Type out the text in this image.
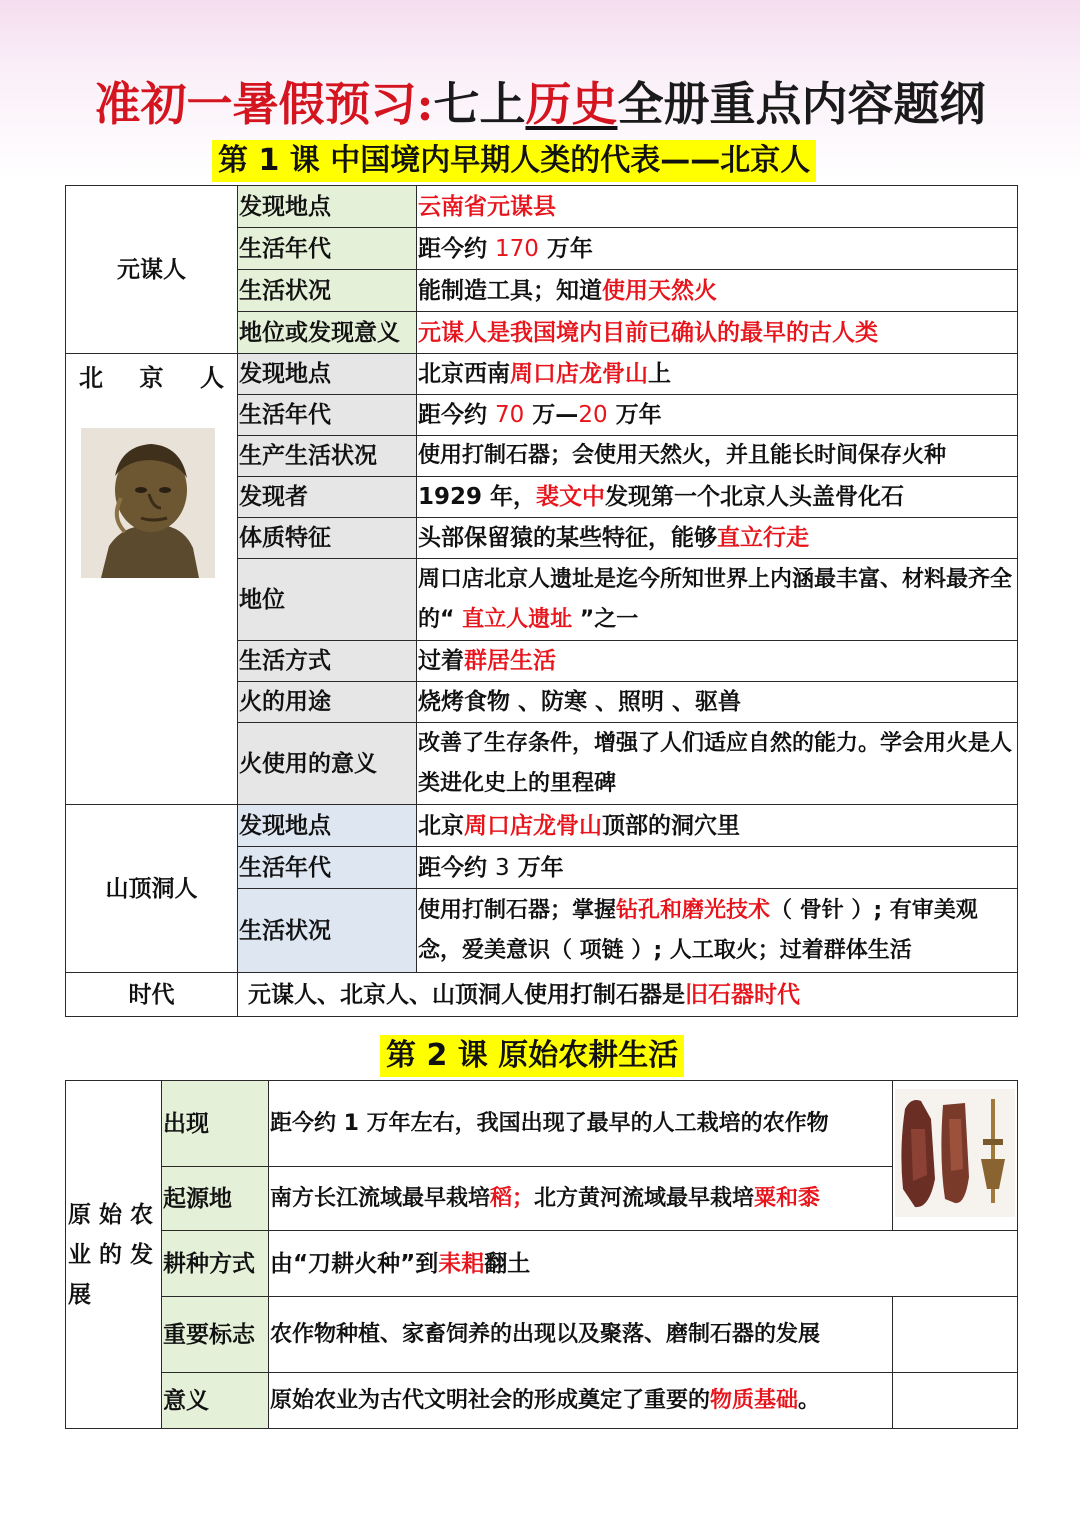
准初一暑假预习:七上历史全册重点内容题纲
第 1 课 中国境内早期人类的代表——北京人
元谋人	发现地点	云南省元谋县
	生活年代	距今约 170 万年
	生活状况	能制造工具；知道使用天然火
	地位或发现意义	元谋人是我国境内目前已确认的最早的古人类

北 京 人	发现地点	北京西南周口店龙骨山上
	生活年代	距今约 70 万—20 万年
	生产生活状况	使用打制石器；会使用天然火，并且能长时间保存火种
	发现者	1929 年，裴文中发现第一个北京人头盖骨化石
	体质特征	头部保留猿的某些特征，能够直立行走
	地位	周口店北京人遗址是迄今所知世界上内涵最丰富、材料最齐全的“ 直立人遗址 ”之一
	生活方式	过着群居生活
	火的用途	烧烤食物 、防寒 、照明 、驱兽
	火使用的意义	改善了生存条件，增强了人们适应自然的能力。学会用火是人类进化史上的里程碑
山顶洞人	发现地点	北京周口店龙骨山顶部的洞穴里
	生活年代	距今约 3 万年
	生活状况	使用打制石器；掌握钻孔和磨光技术（ 骨针 ）; 有审美观念，爱美意识（ 项链 ）; 人工取火；过着群体生活
时代	元谋人、北京人、山顶洞人使用打制石器是旧石器时代	
第 2 课 原始农耕生活
原 始 农 业 的 发 展	出现	距今约 1 万年左右，我国出现了最早的人工栽培的农作物	
	起源地	南方长江流域最早栽培稻；北方黄河流域最早栽培粟和黍	
	耕种方式	由“刀耕火种”到耒耜翻土	
	重要标志	农作物种植、家畜饲养的出现以及聚落、磨制石器的发展	
	意义	原始农业为古代文明社会的形成奠定了重要的物质基础。	
